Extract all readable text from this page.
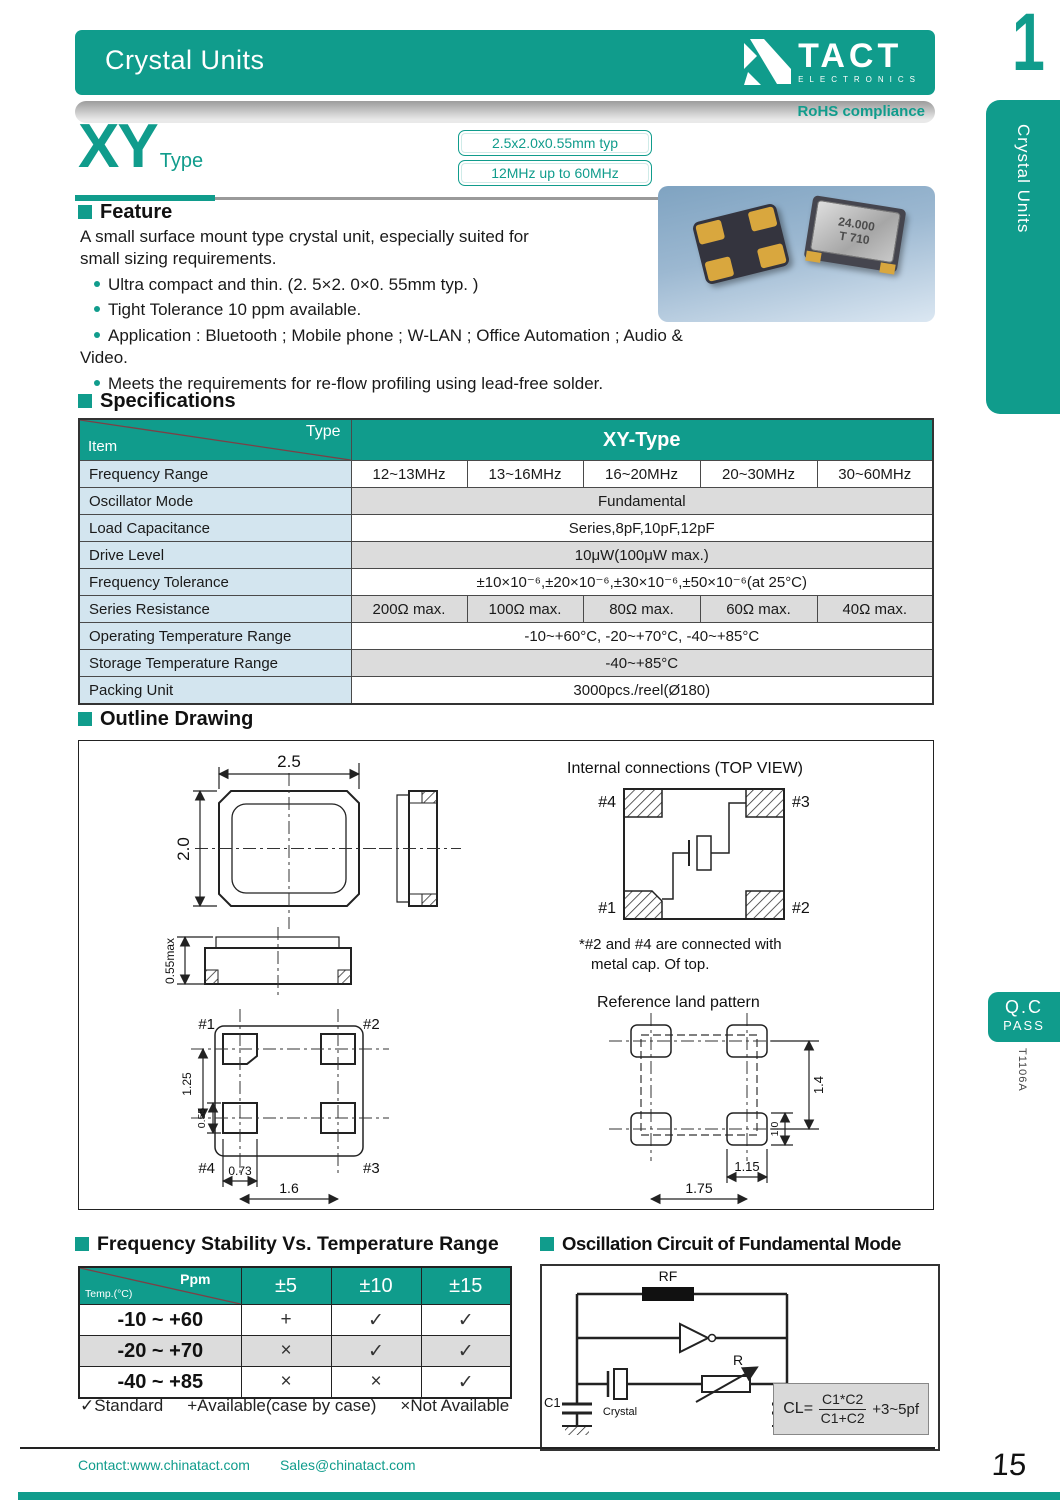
Crystal Units	TACT
ELECTRONICS
RoHS compliance
XY Type
2.5x2.0x0.55mm typ
12MHz up to 60MHz
24.000
T 710
Feature

A small surface mount type crystal unit, especially suited for

small sizing requirements.

Ultra compact and thin. (2. 5×2. 0×0. 55mm typ. )
Tight Tolerance 10 ppm available.
Application : Bluetooth ; Mobile phone ; W-LAN ; Office Automation ; Audio & Video.
Meets the requirements for re-flow profiling using lead-free solder.
Specifications
Type
Item	XY-Type				
Frequency Range	12~13MHz	13~16MHz	16~20MHz	20~30MHz	30~60MHz
Oscillator Mode	Fundamental				
Load Capacitance	Series,8pF,10pF,12pF				
Drive Level	10μW(100μW max.)				
Frequency Tolerance	±10×10⁻⁶,±20×10⁻⁶,±30×10⁻⁶,±50×10⁻⁶(at 25°C)				
Series Resistance	200Ω max.	100Ω max.	80Ω max.	60Ω max.	40Ω max.
Operating Temperature Range	-10~+60°C, -20~+70°C, -40~+85°C				
Storage Temperature Range	-40~+85°C				
Packing Unit	3000pcs./reel(Ø180)				
Outline Drawing
2.5
2.0
0.55max
#1	#2
#4	#3
1.25
0.55
0.73
1.6
Internal connections (TOP VIEW)
#4	#3
#1	#2
*#2 and #4 are connected with
metal cap. Of top.
Reference land pattern
1.4
1.0
1.15
1.75
Frequency Stability Vs. Temperature Range
Ppm
Temp.(°C)	±5	±10	±15
-10 ~ +60	+	✓	✓
-20 ~ +70	×	✓	✓
-40 ~ +85	×	×	✓
✓Standard +Available(case by case) ×Not Available
Oscillation Circuit of Fundamental Mode
RF
Crystal
R
C1	$CL= \frac{C1*C2}{C1+C2}$ +3~5pf
Contact:www.chinatact.com Sales@chinatact.com	15
1
Crystal Units
Q.C
PASS
T1106A
